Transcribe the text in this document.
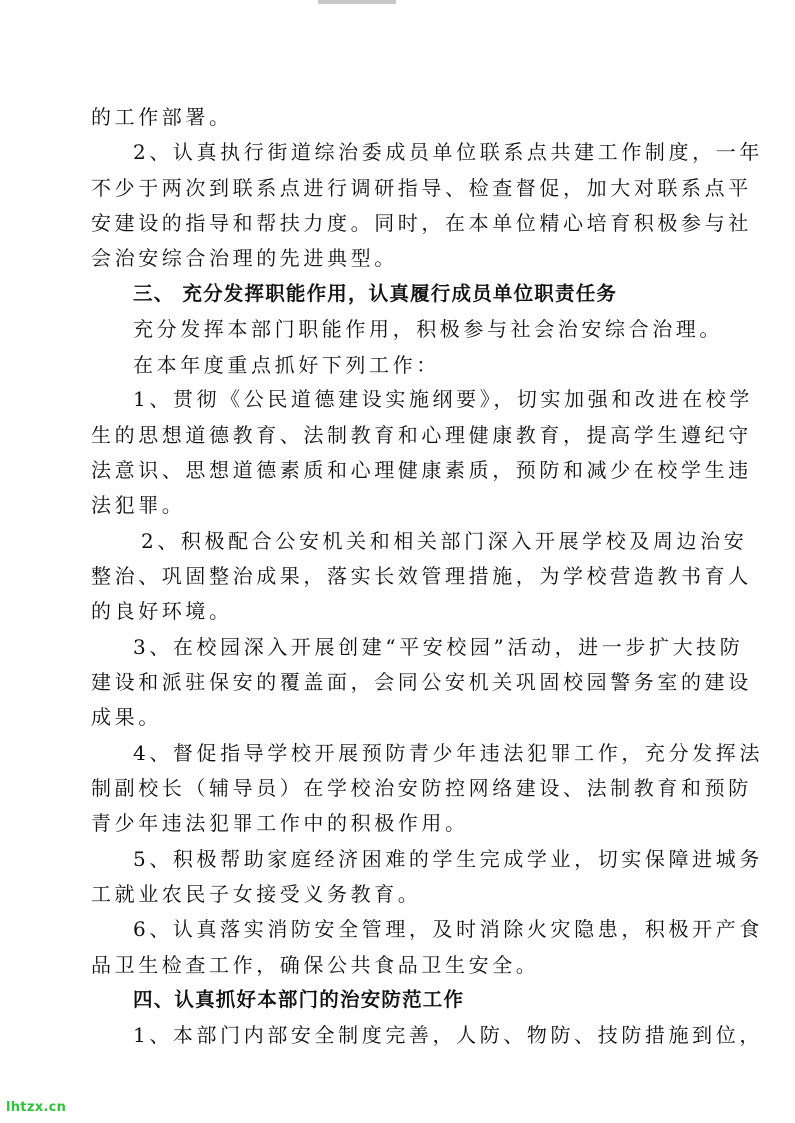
的工作部署。
2、认真执行街道综治委成员单位联系点共建工作制度，一年
不少于两次到联系点进行调研指导、检查督促，加大对联系点平
安建设的指导和帮扶力度。同时，在本单位精心培育积极参与社
会治安综合治理的先进典型。
三、 充分发挥职能作用，认真履行成员单位职责任务
充分发挥本部门职能作用，积极参与社会治安综合治理。
在本年度重点抓好下列工作：
1、贯彻《公民道德建设实施纲要》，切实加强和改进在校学
生的思想道德教育、法制教育和心理健康教育，提高学生遵纪守
法意识、思想道德素质和心理健康素质，预防和减少在校学生违
法犯罪。
2、积极配合公安机关和相关部门深入开展学校及周边治安
整治、巩固整治成果，落实长效管理措施，为学校营造教书育人
的良好环境。
3、在校园深入开展创建“平安校园”活动，进一步扩大技防
建设和派驻保安的覆盖面，会同公安机关巩固校园警务室的建设
成果。
4、督促指导学校开展预防青少年违法犯罪工作，充分发挥法
制副校长（辅导员）在学校治安防控网络建设、法制教育和预防
青少年违法犯罪工作中的积极作用。
5、积极帮助家庭经济困难的学生完成学业，切实保障进城务
工就业农民子女接受义务教育。
6、认真落实消防安全管理，及时消除火灾隐患，积极开产食
品卫生检查工作，确保公共食品卫生安全。
四、认真抓好本部门的治安防范工作
1、本部门内部安全制度完善，人防、物防、技防措施到位，
lhtzx.cn
